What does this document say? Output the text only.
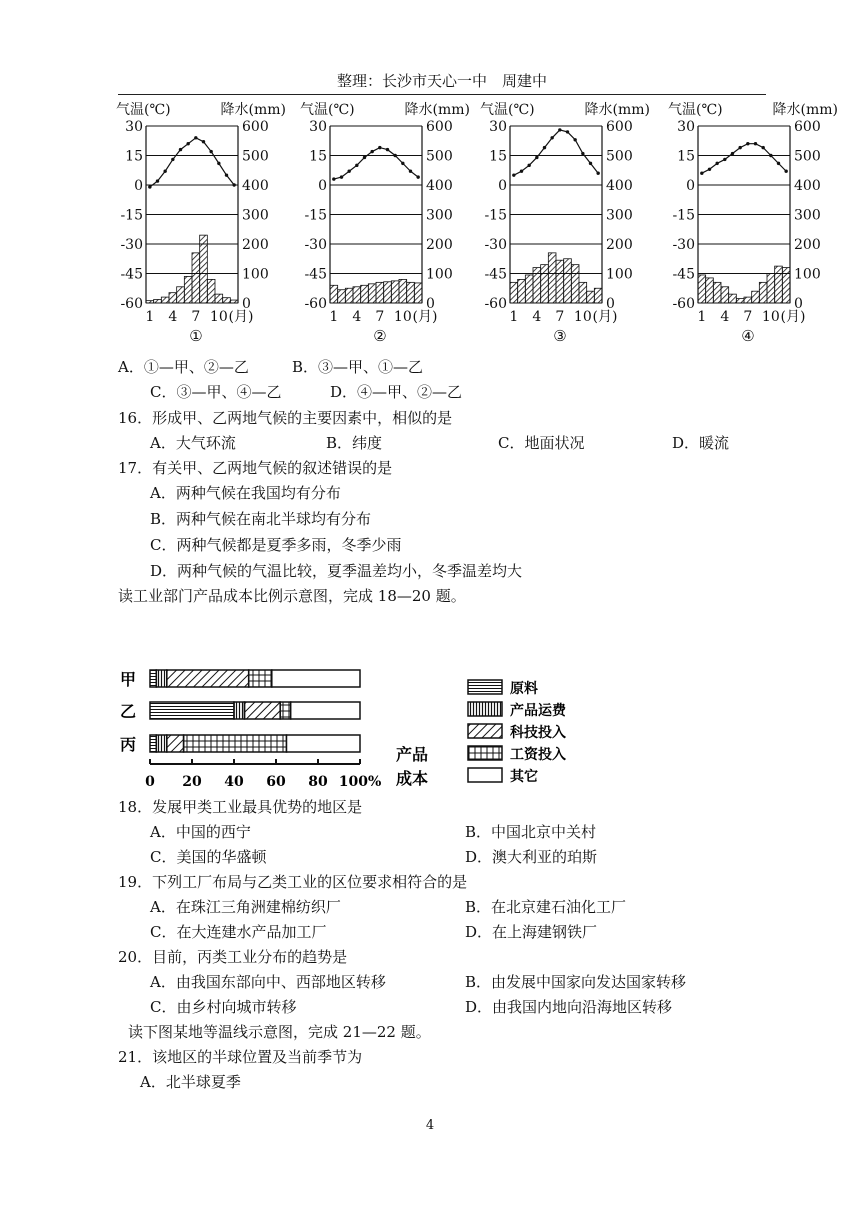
整理：长沙市天心一中　周建中
气温(℃)	降水(mm)
30	600
15	500
0	400
-15	300
-30	200
-45	100
-60	0
1 4 7 10 (月)
①
气温(℃)	降水(mm)
30	600
15	500
0	400
-15	300
-30	200
-45	100
-60	0
1 4 7 10 (月)
②
气温(℃)	降水(mm)
30	600
15	500
0	400
-15	300
-30	200
-45	100
-60	0
1 4 7 10 (月)
③
气温(℃)	降水(mm)
30	600
15	500
0	400
-15	300
-30	200
-45	100
-60	0
1 4 7 10 (月)
④
A．①—甲、②—乙	B．③—甲、①—乙
C．③—甲、④—乙	D．④—甲、②—乙
16．形成甲、乙两地气候的主要因素中，相似的是
A．大气环流	B．纬度	C．地面状况	D．暖流
17．有关甲、乙两地气候的叙述错误的是
A．两种气候在我国均有分布
B．两种气候在南北半球均有分布
C．两种气候都是夏季多雨，冬季少雨
D．两种气候的气温比较，夏季温差均小，冬季温差均大
读工业部门产品成本比例示意图，完成 18—20 题。
甲
乙
丙
0 20 40 60 80 100%
产品
成本
原料
产品运费
科技投入
工资投入
其它
18．发展甲类工业最具优势的地区是
A．中国的西宁	B．中国北京中关村
C．美国的华盛顿	D．澳大利亚的珀斯
19．下列工厂布局与乙类工业的区位要求相符合的是
A．在珠江三角洲建棉纺织厂	B．在北京建石油化工厂
C．在大连建水产品加工厂	D．在上海建钢铁厂
20．目前，丙类工业分布的趋势是
A．由我国东部向中、西部地区转移	B．由发展中国家向发达国家转移
C．由乡村向城市转移	D．由我国内地向沿海地区转移
读下图某地等温线示意图，完成 21—22 题。
21．该地区的半球位置及当前季节为
A．北半球夏季
4
